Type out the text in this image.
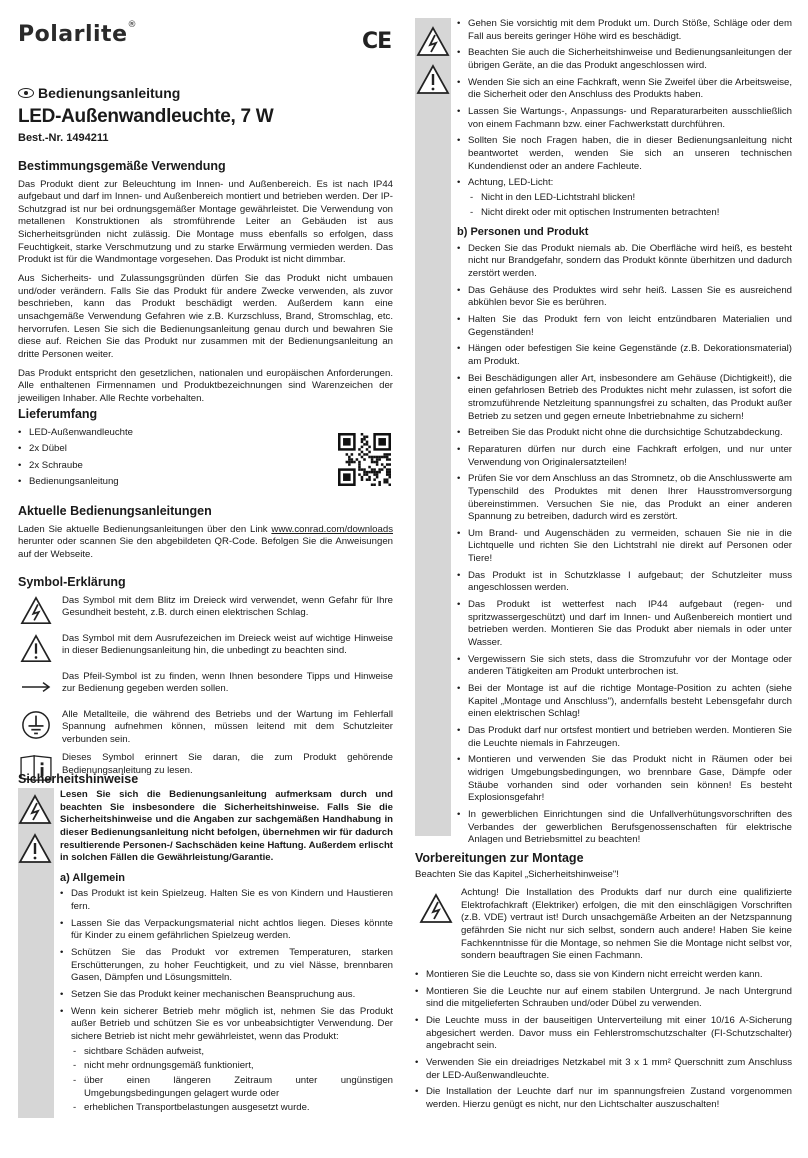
Polarlite®
CE
Bedienungsanleitung
LED-Außenwandleuchte, 7 W
Best.-Nr. 1494211
Bestimmungsgemäße Verwendung

Das Produkt dient zur Beleuchtung im Innen- und Außenbereich. Es ist nach IP44 aufgebaut und darf im Innen- und Außenbereich montiert und betrieben werden. Der IP-Schutzgrad ist nur bei ordnungsgemäßer Montage gewährleistet. Die Verwendung von metallenen Konstruktionen als stromführende Leiter an Gebäuden ist aus Sicherheitsgründen nicht zulässig. Die Montage muss ebenfalls so erfolgen, dass Feuchtigkeit, starke Verschmutzung und zu starke Erwärmung vermieden werden. Das Produkt ist für die Wandmontage vorgesehen. Das Produkt ist nicht dimmbar.

Aus Sicherheits- und Zulassungsgründen dürfen Sie das Produkt nicht umbauen und/oder verändern. Falls Sie das Produkt für andere Zwecke verwenden, als zuvor beschrieben, kann das Produkt beschädigt werden. Außerdem kann eine unsachgemäße Verwendung Gefahren wie z.B. Kurzschluss, Brand, Stromschlag, etc. hervorrufen. Lesen Sie sich die Bedienungsanleitung genau durch und bewahren Sie diese auf. Reichen Sie das Produkt nur zusammen mit der Bedienungsanleitung an dritte Personen weiter.

Das Produkt entspricht den gesetzlichen, nationalen und europäischen Anforderungen. Alle enthaltenen Firmennamen und Produktbezeichnungen sind Warenzeichen der jeweiligen Inhaber. Alle Rechte vorbehalten.

Lieferumfang
• LED-Außenwandleuchte
• 2x Dübel
• 2x Schraube
• Bedienungsanleitung
Aktuelle Bedienungsanleitungen

Laden Sie aktuelle Bedienungsanleitungen über den Link www.conrad.com/downloads herunter oder scannen Sie den abgebildeten QR-Code. Befolgen Sie die Anweisungen auf der Webseite.

Symbol-Erklärung
Das Symbol mit dem Blitz im Dreieck wird verwendet, wenn Gefahr für Ihre Gesundheit besteht, z.B. durch einen elektrischen Schlag.
Das Symbol mit dem Ausrufezeichen im Dreieck weist auf wichtige Hinweise in dieser Bedienungsanleitung hin, die unbedingt zu beachten sind.
Das Pfeil-Symbol ist zu finden, wenn Ihnen besondere Tipps und Hinweise zur Bedienung gegeben werden sollen.
Alle Metallteile, die während des Betriebs und der Wartung im Fehlerfall Spannung aufnehmen können, müssen leitend mit dem Schutzleiter verbunden sein.
Dieses Symbol erinnert Sie daran, die zum Produkt gehörende Bedienungsanleitung zu lesen.
Sicherheitshinweise

Lesen Sie sich die Bedienungsanleitung aufmerksam durch und beachten Sie insbesondere die Sicherheitshinweise. Falls Sie die Sicherheitshinweise und die Angaben zur sachgemäßen Handhabung in dieser Bedienungsanleitung nicht befolgen, übernehmen wir für dadurch resultierende Personen-/ Sachschäden keine Haftung. Außerdem erlischt in solchen Fällen die Gewährleistung/Garantie.

a) Allgemein
• Das Produkt ist kein Spielzeug. Halten Sie es von Kindern und Haustieren fern.
• Lassen Sie das Verpackungsmaterial nicht achtlos liegen. Dieses könnte für Kinder zu einem gefährlichen Spielzeug werden.
• Schützen Sie das Produkt vor extremen Temperaturen, starken Erschütterungen, zu hoher Feuchtigkeit, und zu viel Nässe, brennbaren Gasen, Dämpfen und Lösungsmitteln.
• Setzen Sie das Produkt keiner mechanischen Beanspruchung aus.
• Wenn kein sicherer Betrieb mehr möglich ist, nehmen Sie das Produkt außer Betrieb und schützen Sie es vor unbeabsichtigter Verwendung. Der sichere Betrieb ist nicht mehr gewährleistet, wenn das Produkt:
- sichtbare Schäden aufweist,
- nicht mehr ordnungsgemäß funktioniert,
- über einen längeren Zeitraum unter ungünstigen Umgebungsbedingungen gelagert wurde oder
- erheblichen Transportbelastungen ausgesetzt wurde.
• Gehen Sie vorsichtig mit dem Produkt um. Durch Stöße, Schläge oder dem Fall aus bereits geringer Höhe wird es beschädigt.
• Beachten Sie auch die Sicherheitshinweise und Bedienungsanleitungen der übrigen Geräte, an die das Produkt angeschlossen wird.
• Wenden Sie sich an eine Fachkraft, wenn Sie Zweifel über die Arbeitsweise, die Sicherheit oder den Anschluss des Produkts haben.
• Lassen Sie Wartungs-, Anpassungs- und Reparaturarbeiten ausschließlich von einem Fachmann bzw. einer Fachwerkstatt durchführen.
• Sollten Sie noch Fragen haben, die in dieser Bedienungsanleitung nicht beantwortet werden, wenden Sie sich an unseren technischen Kundendienst oder an andere Fachleute.
• Achtung, LED-Licht:
- Nicht in den LED-Lichtstrahl blicken!
- Nicht direkt oder mit optischen Instrumenten betrachten!
b) Personen und Produkt
• Decken Sie das Produkt niemals ab. Die Oberfläche wird heiß, es besteht nicht nur Brandgefahr, sondern das Produkt könnte überhitzen und dadurch zerstört werden.
• Das Gehäuse des Produktes wird sehr heiß. Lassen Sie es ausreichend abkühlen bevor Sie es berühren.
• Halten Sie das Produkt fern von leicht entzündbaren Materialien und Gegenständen!
• Hängen oder befestigen Sie keine Gegenstände (z.B. Dekorationsmaterial) am Produkt.
• Bei Beschädigungen aller Art, insbesondere am Gehäuse (Dichtigkeit!), die einen gefahrlosen Betrieb des Produktes nicht mehr zulassen, ist sofort die stromzuführende Netzleitung spannungsfrei zu schalten, das Produkt außer Betrieb zu setzen und gegen erneute Inbetriebnahme zu sichern!
• Betreiben Sie das Produkt nicht ohne die durchsichtige Schutzabdeckung.
• Reparaturen dürfen nur durch eine Fachkraft erfolgen, und nur unter Verwendung von Originalersatzteilen!
• Prüfen Sie vor dem Anschluss an das Stromnetz, ob die Anschlusswerte am Typenschild des Produktes mit denen Ihrer Hausstromversorgung übereinstimmen. Versuchen Sie nie, das Produkt an einer anderen Spannung zu betreiben, dadurch wird es zerstört.
• Um Brand- und Augenschäden zu vermeiden, schauen Sie nie in die Lichtquelle und richten Sie den Lichtstrahl nie direkt auf Personen oder Tiere!
• Das Produkt ist in Schutzklasse I aufgebaut; der Schutzleiter muss angeschlossen werden.
• Das Produkt ist wetterfest nach IP44 aufgebaut (regen- und spritzwassergeschützt) und darf im Innen- und Außenbereich montiert und betrieben werden. Montieren Sie das Produkt aber niemals in oder unter Wasser.
• Vergewissern Sie sich stets, dass die Stromzufuhr vor der Montage oder anderen Tätigkeiten am Produkt unterbrochen ist.
• Bei der Montage ist auf die richtige Montage-Position zu achten (siehe Kapitel „Montage und Anschluss"), andernfalls besteht Lebensgefahr durch einen elektrischen Schlag!
• Das Produkt darf nur ortsfest montiert und betrieben werden. Montieren Sie die Leuchte niemals in Fahrzeugen.
• Montieren und verwenden Sie das Produkt nicht in Räumen oder bei widrigen Umgebungsbedingungen, wo brennbare Gase, Dämpfe oder Stäube vorhanden sind oder vorhanden sein können! Es besteht Explosionsgefahr!
• In gewerblichen Einrichtungen sind die Unfallverhütungsvorschriften des Verbandes der gewerblichen Berufsgenossenschaften für elektrische Anlagen und Betriebsmittel zu beachten!
Vorbereitungen zur Montage

Beachten Sie das Kapitel „Sicherheitshinweise"!

Achtung! Die Installation des Produkts darf nur durch eine qualifizierte Elektrofachkraft (Elektriker) erfolgen, die mit den einschlägigen Vorschriften (z.B. VDE) vertraut ist! Durch unsachgemäße Arbeiten an der Netzspannung gefährden Sie nicht nur sich selbst, sondern auch andere! Haben Sie keine Fachkenntnisse für die Montage, so nehmen Sie die Montage nicht selbst vor, sondern beauftragen Sie einen Fachmann.

• Montieren Sie die Leuchte so, dass sie von Kindern nicht erreicht werden kann.
• Montieren Sie die Leuchte nur auf einem stabilen Untergrund. Je nach Untergrund sind die mitgelieferten Schrauben und/oder Dübel zu verwenden.
• Die Leuchte muss in der bauseitigen Unterverteilung mit einer 10/16 A-Sicherung abgesichert werden. Davor muss ein Fehlerstromschutzschalter (FI-Schutzschalter) angebracht sein.
• Verwenden Sie ein dreiadriges Netzkabel mit 3 x 1 mm² Querschnitt zum Anschluss der LED-Außenwandleuchte.
• Die Installation der Leuchte darf nur im spannungsfreien Zustand vorgenommen werden. Hierzu genügt es nicht, nur den Lichtschalter auszuschalten!
